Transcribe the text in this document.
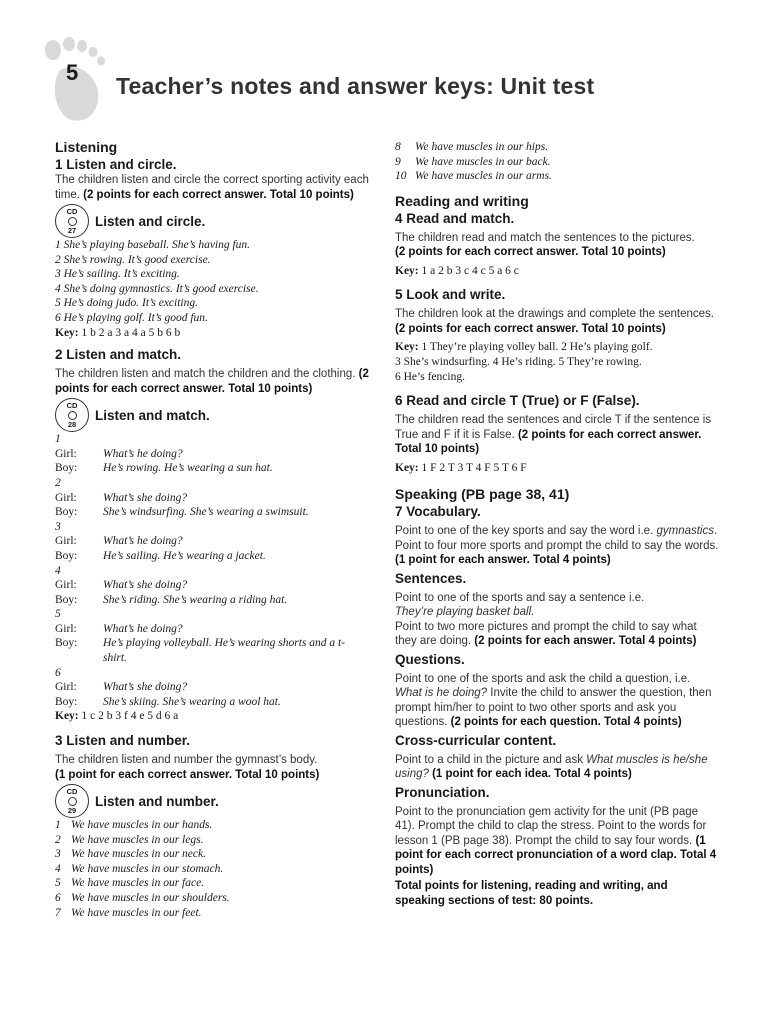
5
Teacher’s notes and answer keys: Unit test

Listening

1 Listen and circle.

The children listen and circle the correct sporting activity each time. (2 points for each correct answer. Total 10 points)

CD
27
Listen and circle.

1 She’s playing baseball. She’s having fun.

2 She’s rowing. It’s good exercise.

3 He’s sailing. It’s exciting.

4 She’s doing gymnastics. It’s good exercise.

5 He’s doing judo. It’s exciting.

6 He’s playing golf. It’s good fun.

Key: 1 b 2 a 3 a 4 a 5 b 6 b

2 Listen and match.

The children listen and match the children and the clothing. (2 points for each correct answer. Total 10 points)

CD
28
Listen and match.

1

Girl:	What’s he doing?
Boy:	He’s rowing. He’s wearing a sun hat.

2

Girl:	What’s she doing?
Boy:	She’s windsurfing. She’s wearing a swimsuit.

3

Girl:	What’s he doing?
Boy:	He’s sailing. He’s wearing a jacket.

4

Girl:	What’s she doing?
Boy:	She’s riding. She’s wearing a riding hat.

5

Girl:	What’s he doing?
Boy:	He’s playing volleyball. He’s wearing shorts and a t-shirt.

6

Girl:	What’s she doing?
Boy:	She’s skiing. She’s wearing a wool hat.

Key: 1 c 2 b 3 f 4 e 5 d 6 a

3 Listen and number.

The children listen and number the gymnast’s body.
(1 point for each correct answer. Total 10 points)

CD
29
Listen and number.
1 We have muscles in our hands.
2 We have muscles in our legs.
3 We have muscles in our neck.
4 We have muscles in our stomach.
5 We have muscles in our face.
6 We have muscles in our shoulders.
7 We have muscles in our feet.
8	We have muscles in our hips.
9	We have muscles in our back.
10 We have muscles in our arms.

Reading and writing

4 Read and match.

The children read and match the sentences to the pictures.
(2 points for each correct answer. Total 10 points)

Key: 1 a 2 b 3 c 4 c 5 a 6 c

5 Look and write.

The children look at the drawings and complete the sentences. (2 points for each correct answer. Total 10 points)

Key: 1 They’re playing volley ball. 2 He’s playing golf.
3 She’s windsurfing. 4 He’s riding. 5 They’re rowing.
6 He’s fencing.

6 Read and circle T (True) or F (False).

The children read the sentences and circle T if the sentence is True and F if it is False. (2 points for each correct answer. Total 10 points)

Key: 1 F 2 T 3 T 4 F 5 T 6 F

Speaking (PB page 38, 41)

7 Vocabulary.

Point to one of the key sports and say the word i.e. gymnastics. Point to four more sports and prompt the child to say the words. (1 point for each answer. Total 4 points)

Sentences.

Point to one of the sports and say a sentence i.e.
They’re playing basket ball.
Point to two more pictures and prompt the child to say what they are doing. (2 points for each answer. Total 4 points)

Questions.

Point to one of the sports and ask the child a question, i.e. What is he doing? Invite the child to answer the question, then prompt him/her to point to two other sports and ask you questions. (2 points for each question. Total 4 points)

Cross-curricular content.

Point to a child in the picture and ask What muscles is he/she using? (1 point for each idea. Total 4 points)

Pronunciation.

Point to the pronunciation gem activity for the unit (PB page 41). Prompt the child to clap the stress. Point to the words for lesson 1 (PB page 38). Prompt the child to say four words. (1 point for each correct pronunciation of a word clap. Total 4 points)

Total points for listening, reading and writing, and speaking sections of test: 80 points.
